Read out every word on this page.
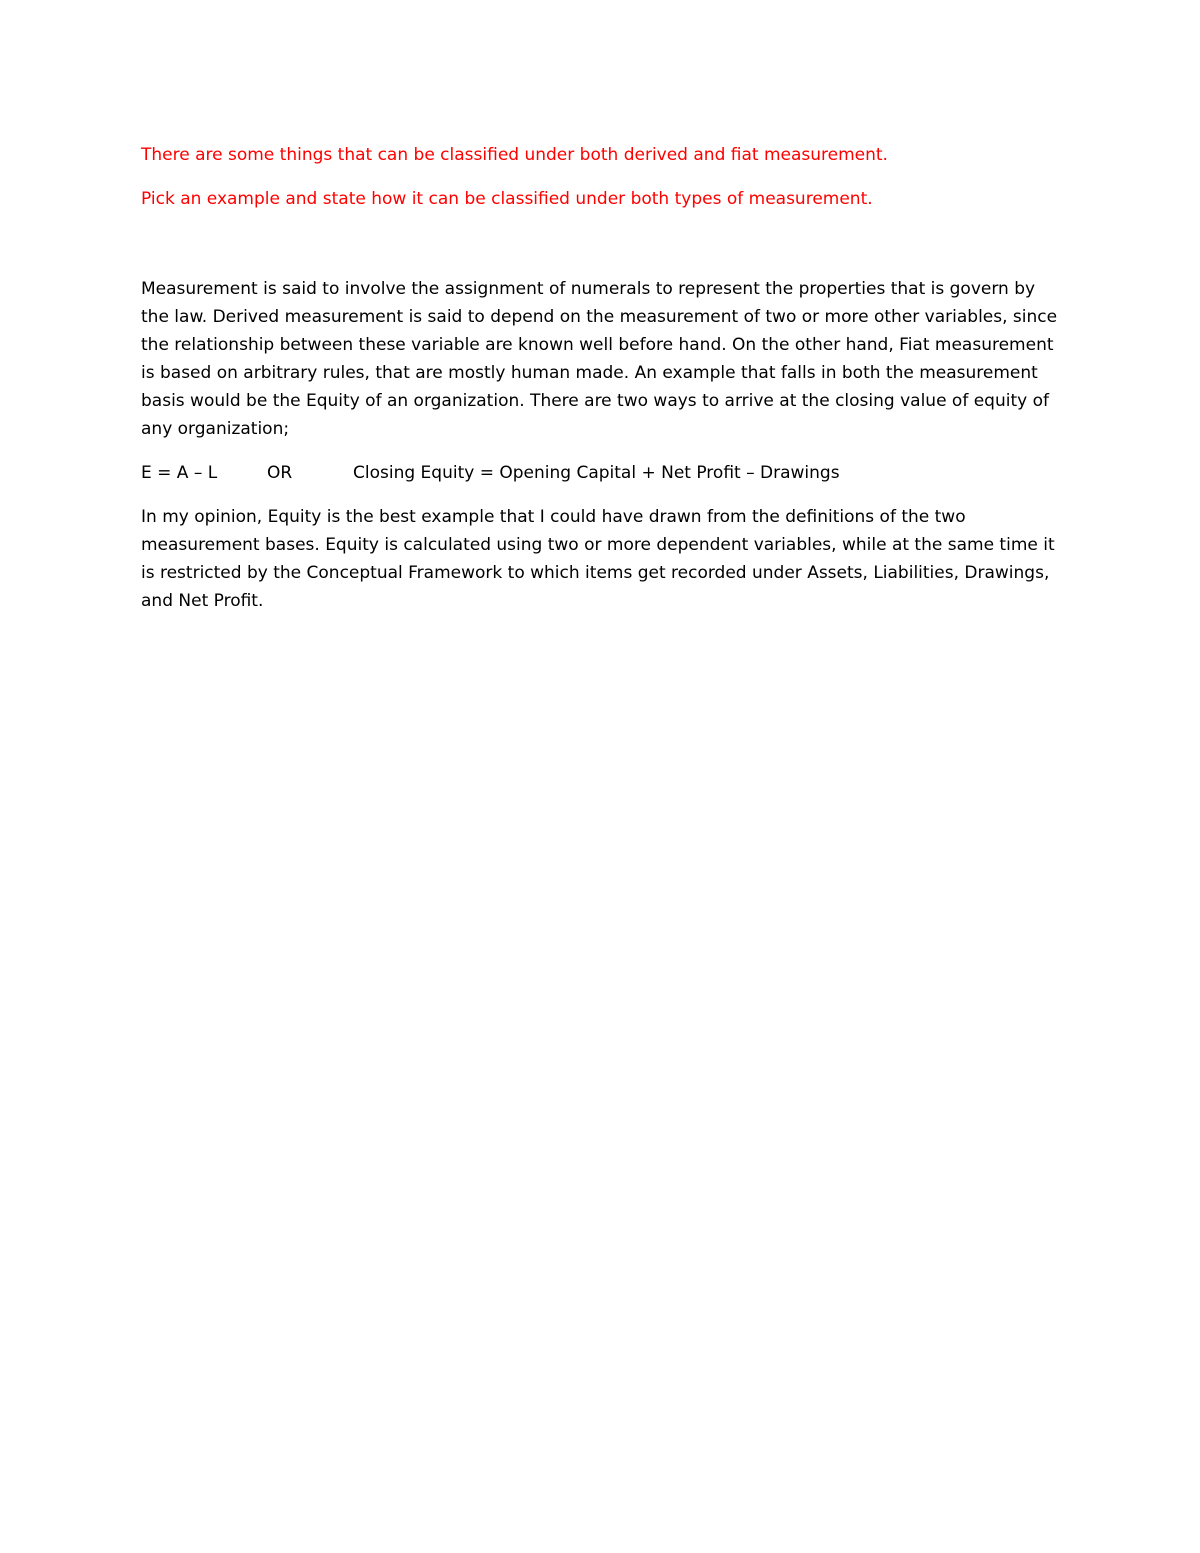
There are some things that can be classified under both derived and fiat measurement.

Pick an example and state how it can be classified under both types of measurement.

Measurement is said to involve the assignment of numerals to represent the properties that is govern by the law. Derived measurement is said to depend on the measurement of two or more other variables, since the relationship between these variable are known well before hand. On the other hand, Fiat measurement is based on arbitrary rules, that are mostly human made. An example that falls in both the measurement basis would be the Equity of an organization. There are two ways to arrive at the closing value of equity of any organization;

E = A – L	OR	Closing Equity = Opening Capital + Net Profit – Drawings

In my opinion, Equity is the best example that I could have drawn from the definitions of the two measurement bases. Equity is calculated using two or more dependent variables, while at the same time it is restricted by the Conceptual Framework to which items get recorded under Assets, Liabilities, Drawings, and Net Profit.
